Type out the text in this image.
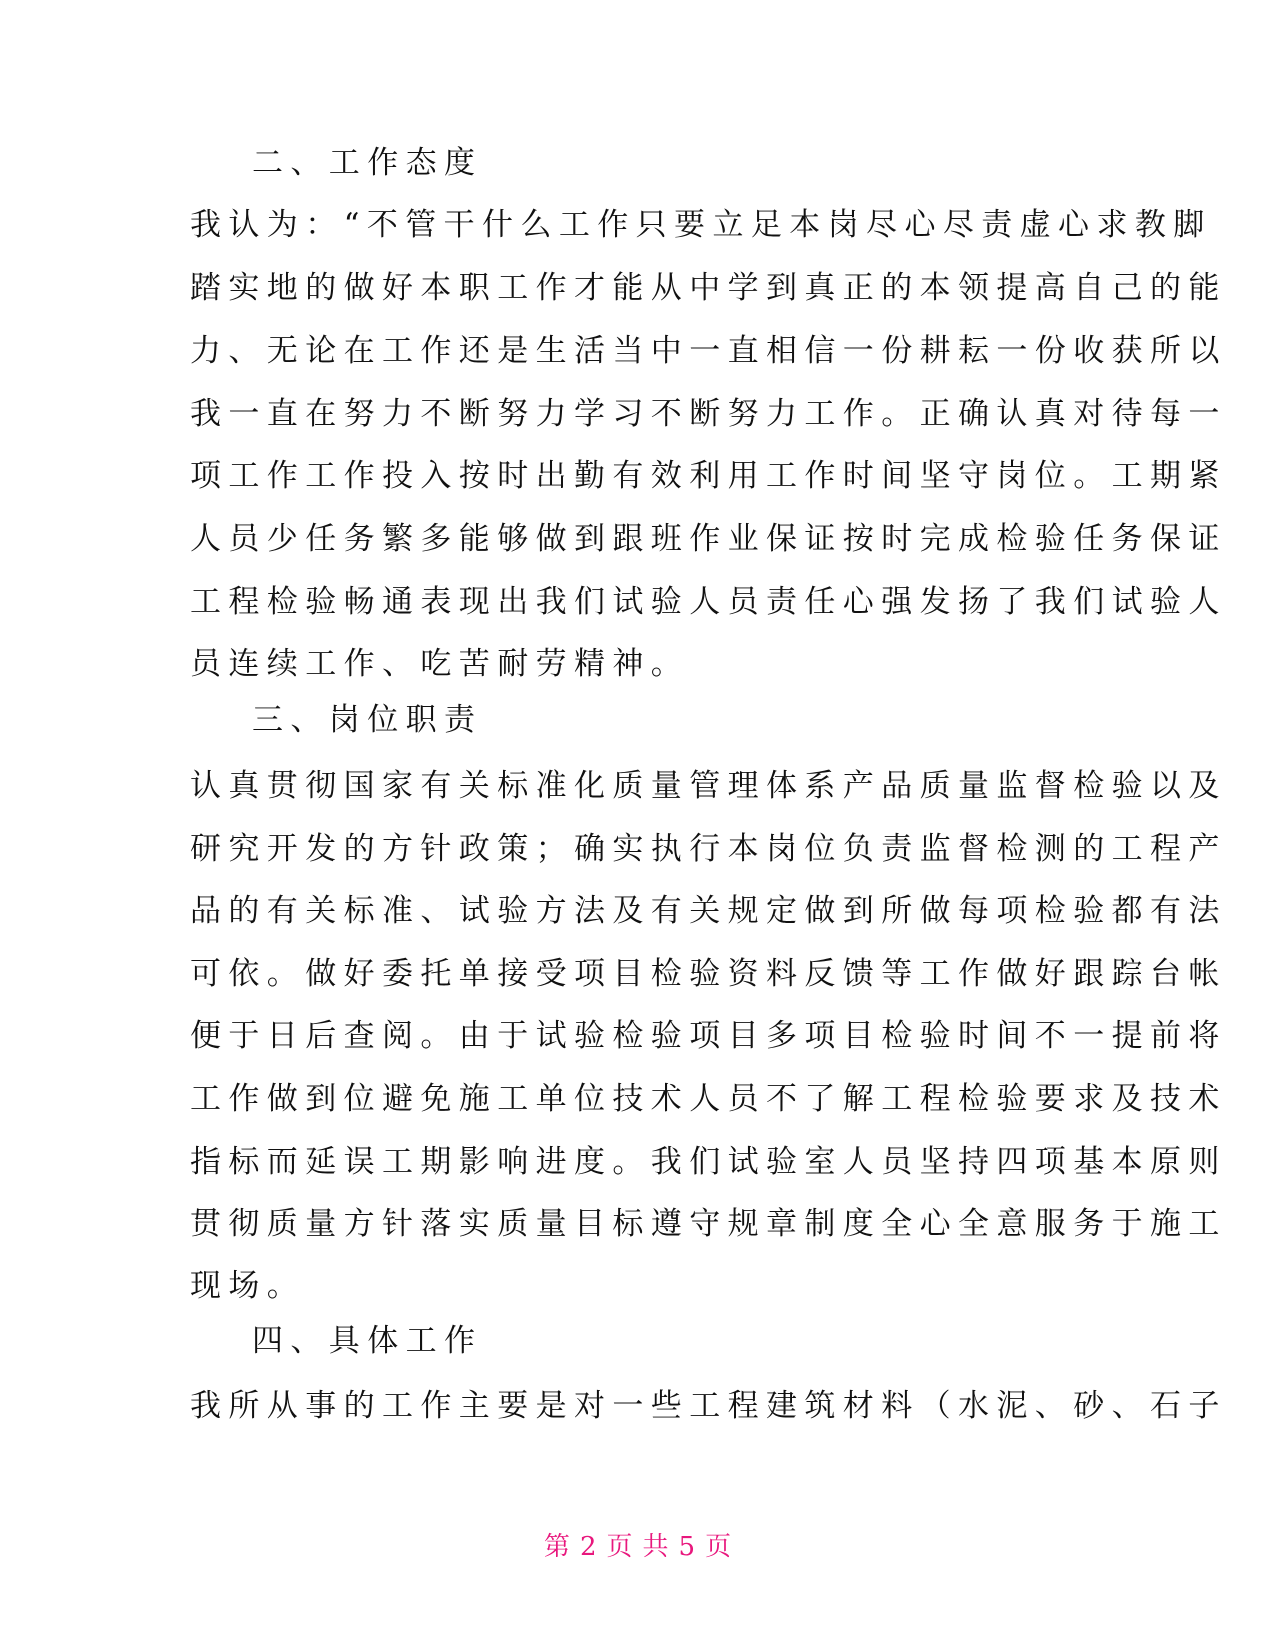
二、工作态度
我认为：“不管干什么工作只要立足本岗尽心尽责虚心求教脚
踏实地的做好本职工作才能从中学到真正的本领提高自己的能
力、无论在工作还是生活当中一直相信一份耕耘一份收获所以
我一直在努力不断努力学习不断努力工作。正确认真对待每一
项工作工作投入按时出勤有效利用工作时间坚守岗位。工期紧
人员少任务繁多能够做到跟班作业保证按时完成检验任务保证
工程检验畅通表现出我们试验人员责任心强发扬了我们试验人
员连续工作、吃苦耐劳精神。
三、岗位职责
认真贯彻国家有关标准化质量管理体系产品质量监督检验以及
研究开发的方针政策；确实执行本岗位负责监督检测的工程产
品的有关标准、试验方法及有关规定做到所做每项检验都有法
可依。做好委托单接受项目检验资料反馈等工作做好跟踪台帐
便于日后查阅。由于试验检验项目多项目检验时间不一提前将
工作做到位避免施工单位技术人员不了解工程检验要求及技术
指标而延误工期影响进度。我们试验室人员坚持四项基本原则
贯彻质量方针落实质量目标遵守规章制度全心全意服务于施工
现场。
四、具体工作
我所从事的工作主要是对一些工程建筑材料（水泥、砂、石子
第 2 页 共 5 页
